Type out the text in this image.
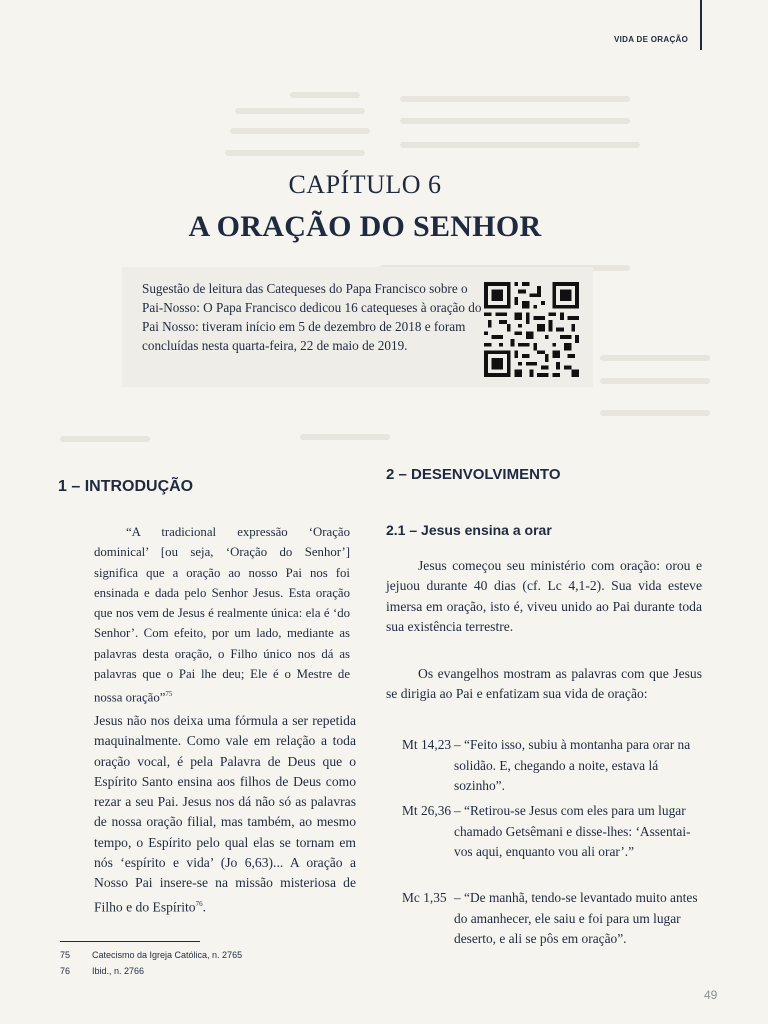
VIDA DE ORAÇÃO
CAPÍTULO 6
A ORAÇÃO DO SENHOR
Sugestão de leitura das Catequeses do Papa Francisco sobre o Pai-Nosso: O Papa Francisco dedicou 16 catequeses à oração do Pai Nosso: tiveram início em 5 de dezembro de 2018 e foram concluídas nesta quarta-feira, 22 de maio de 2019.
1 – INTRODUÇÃO
“A tradicional expressão ‘Oração dominical’ [ou seja, ‘Oração do Senhor’] significa que a oração ao nosso Pai nos foi ensinada e dada pelo Senhor Jesus. Esta oração que nos vem de Jesus é realmente única: ela é ‘do Senhor’. Com efeito, por um lado, mediante as palavras desta oração, o Filho único nos dá as palavras que o Pai lhe deu; Ele é o Mestre de nossa oração”$^{75}$
Jesus não nos deixa uma fórmula a ser repetida maquinalmente. Como vale em relação a toda oração vocal, é pela Palavra de Deus que o Espírito Santo ensina aos filhos de Deus como rezar a seu Pai. Jesus nos dá não só as palavras de nossa oração filial, mas também, ao mesmo tempo, o Espírito pelo qual elas se tornam em nós ‘espírito e vida’ (Jo 6,63)... A oração a Nosso Pai insere-se na missão misteriosa de Filho e do Espírito$^{76}$.
2 – DESENVOLVIMENTO
2.1 – Jesus ensina a orar
Jesus começou seu ministério com oração: orou e jejuou durante 40 dias (cf. Lc 4,1-2). Sua vida esteve imersa em oração, isto é, viveu unido ao Pai durante toda sua existência terrestre.
Os evangelhos mostram as palavras com que Jesus se dirigia ao Pai e enfatizam sua vida de oração:
Mt 14,23 – “Feito isso, subiu à montanha para orar na solidão. E, chegando a noite, estava lá sozinho”.
Mt 26,36 – “Retirou-se Jesus com eles para um lugar chamado Getsêmani e disse-lhes: ‘Assentai-vos aqui, enquanto vou ali orar’.”
Mc 1,35 – “De manhã, tendo-se levantado muito antes do amanhecer, ele saiu e foi para um lugar deserto, e ali se pôs em oração”.
75 Catecismo da Igreja Católica, n. 2765
76 Ibid., n. 2766
49
